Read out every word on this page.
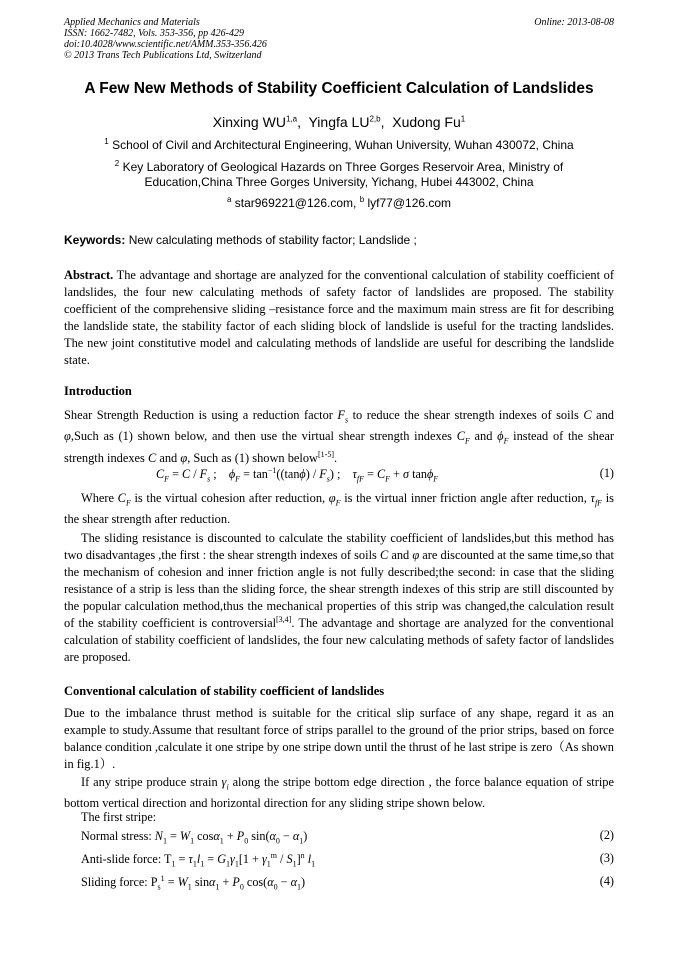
Applied Mechanics and Materials
ISSN: 1662-7482, Vols. 353-356, pp 426-429
doi:10.4028/www.scientific.net/AMM.353-356.426
© 2013 Trans Tech Publications Ltd, Switzerland
Online: 2013-08-08
A Few New Methods of Stability Coefficient Calculation of Landslides
Xinxing WU$^{1,a}$,  Yingfa LU$^{2,b}$,  Xudong Fu$^1$
$^1$ School of Civil and Architectural Engineering, Wuhan University, Wuhan 430072, China
$^2$ Key Laboratory of Geological Hazards on Three Gorges Reservoir Area, Ministry of Education,China Three Gorges University, Yichang, Hubei 443002, China
$^a$ star969221@126.com, $^b$ lyf77@126.com
Keywords: New calculating methods of stability factor; Landslide ;
Abstract. The advantage and shortage are analyzed for the conventional calculation of stability coefficient of landslides, the four new calculating methods of safety factor of landslides are proposed. The stability coefficient of the comprehensive sliding –resistance force and the maximum main stress are fit for describing the landslide state, the stability factor of each sliding block of landslide is useful for the tracting landslides. The new joint constitutive model and calculating methods of landslide are useful for describing the landslide state.
Introduction
Shear Strength Reduction is using a reduction factor $F_s$ to reduce the shear strength indexes of soils C and φ,Such as (1) shown below, and then use the virtual shear strength indexes $C_F$ and $\phi_F$ instead of the shear strength indexes C and φ, Such as (1) shown below[1-5].
$C_F = C / F_s$ ;    $\phi_F = \tan^{-1}((\tan\phi) / F_s)$ ;    $\tau_{fF} = C_F + \sigma$ tanϕ$_F$	(1)
Where $C_F$ is the virtual cohesion after reduction, $\varphi_F$ is the virtual inner friction angle after reduction, $\tau_{fF}$ is the shear strength after reduction.
The sliding resistance is discounted to calculate the stability coefficient of landslides,but this method has two disadvantages ,the first : the shear strength indexes of soils C and φ are discounted at the same time,so that the mechanism of cohesion and inner friction angle is not fully described;the second: in case that the sliding resistance of a strip is less than the sliding force, the shear strength indexes of this strip are still discounted by the popular calculation method,thus the mechanical properties of this strip was changed,the calculation result of the stability coefficient is controversial[3,4]. The advantage and shortage are analyzed for the conventional calculation of stability coefficient of landslides, the four new calculating methods of safety factor of landslides are proposed.
Conventional calculation of stability coefficient of landslides
Due to the imbalance thrust method is suitable for the critical slip surface of any shape, regard it as an example to study.Assume that resultant force of strips parallel to the ground of the prior strips, based on force balance condition ,calculate it one stripe by one stripe down until the thrust of he last stripe is zero（As shown in fig.1）.
If any stripe produce strain $\gamma_i$ along the stripe bottom edge direction , the force balance equation of stripe bottom vertical direction and horizontal direction for any sliding stripe shown below.
The first stripe:
Normal stress: $N_1 = W_1$ $\cos\alpha_1 + P_0$ $\sin(\alpha_0 - \alpha_1)$	(2)
Anti-slide force: $T_1 = \tau_1l_1 = G_1\gamma_1[1 + \gamma_1^m / S_1]^n$ $l_1$	(3)
Sliding force: $P_s^1 = W_1$ $\sin\alpha_1 + P_0$ $\cos(\alpha_0 - \alpha_1)$	(4)
